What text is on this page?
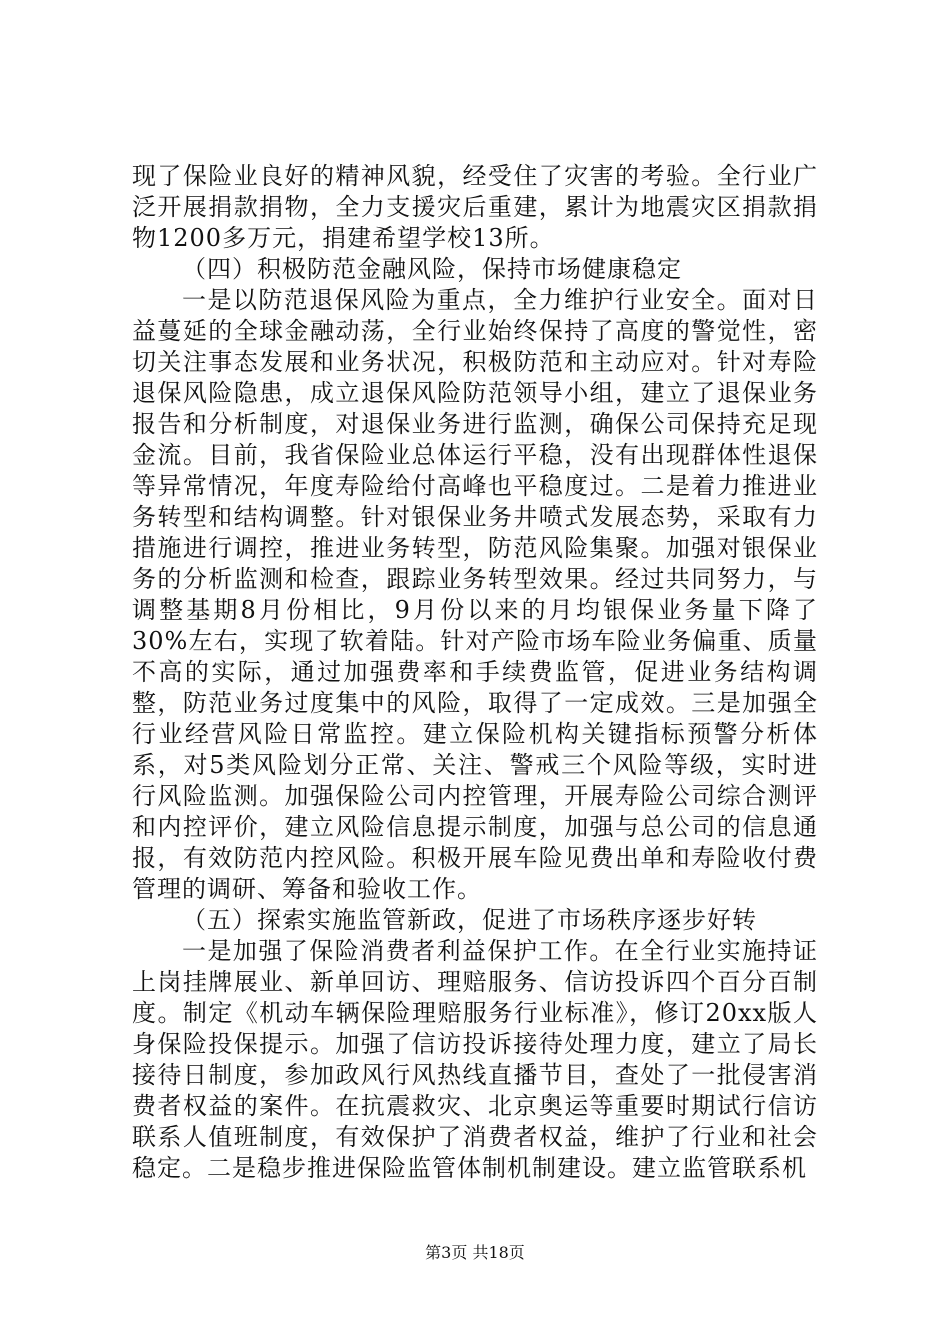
现了保险业良好的精神风貌，经受住了灾害的考验。全行业广泛开展捐款捐物，全力支援灾后重建，累计为地震灾区捐款捐物1200多万元，捐建希望学校13所。

（四）积极防范金融风险，保持市场健康稳定

一是以防范退保风险为重点，全力维护行业安全。面对日益蔓延的全球金融动荡，全行业始终保持了高度的警觉性，密切关注事态发展和业务状况，积极防范和主动应对。针对寿险退保风险隐患，成立退保风险防范领导小组，建立了退保业务报告和分析制度，对退保业务进行监测，确保公司保持充足现金流。目前，我省保险业总体运行平稳，没有出现群体性退保等异常情况，年度寿险给付高峰也平稳度过。二是着力推进业务转型和结构调整。针对银保业务井喷式发展态势，采取有力措施进行调控，推进业务转型，防范风险集聚。加强对银保业务的分析监测和检查，跟踪业务转型效果。经过共同努力，与调整基期8月份相比，9月份以来的月均银保业务量下降了30%左右，实现了软着陆。针对产险市场车险业务偏重、质量不高的实际，通过加强费率和手续费监管，促进业务结构调整，防范业务过度集中的风险，取得了一定成效。三是加强全行业经营风险日常监控。建立保险机构关键指标预警分析体系，对5类风险划分正常、关注、警戒三个风险等级，实时进行风险监测。加强保险公司内控管理，开展寿险公司综合测评和内控评价，建立风险信息提示制度，加强与总公司的信息通报，有效防范内控风险。积极开展车险见费出单和寿险收付费管理的调研、筹备和验收工作。

（五）探索实施监管新政，促进了市场秩序逐步好转

一是加强了保险消费者利益保护工作。在全行业实施持证上岗挂牌展业、新单回访、理赔服务、信访投诉四个百分百制度。制定《机动车辆保险理赔服务行业标准》，修订20xx版人身保险投保提示。加强了信访投诉接待处理力度，建立了局长接待日制度，参加政风行风热线直播节目，查处了一批侵害消费者权益的案件。在抗震救灾、北京奥运等重要时期试行信访联系人值班制度，有效保护了消费者权益，维护了行业和社会稳定。二是稳步推进保险监管体制机制建设。建立监管联系机

第3页 共18页
